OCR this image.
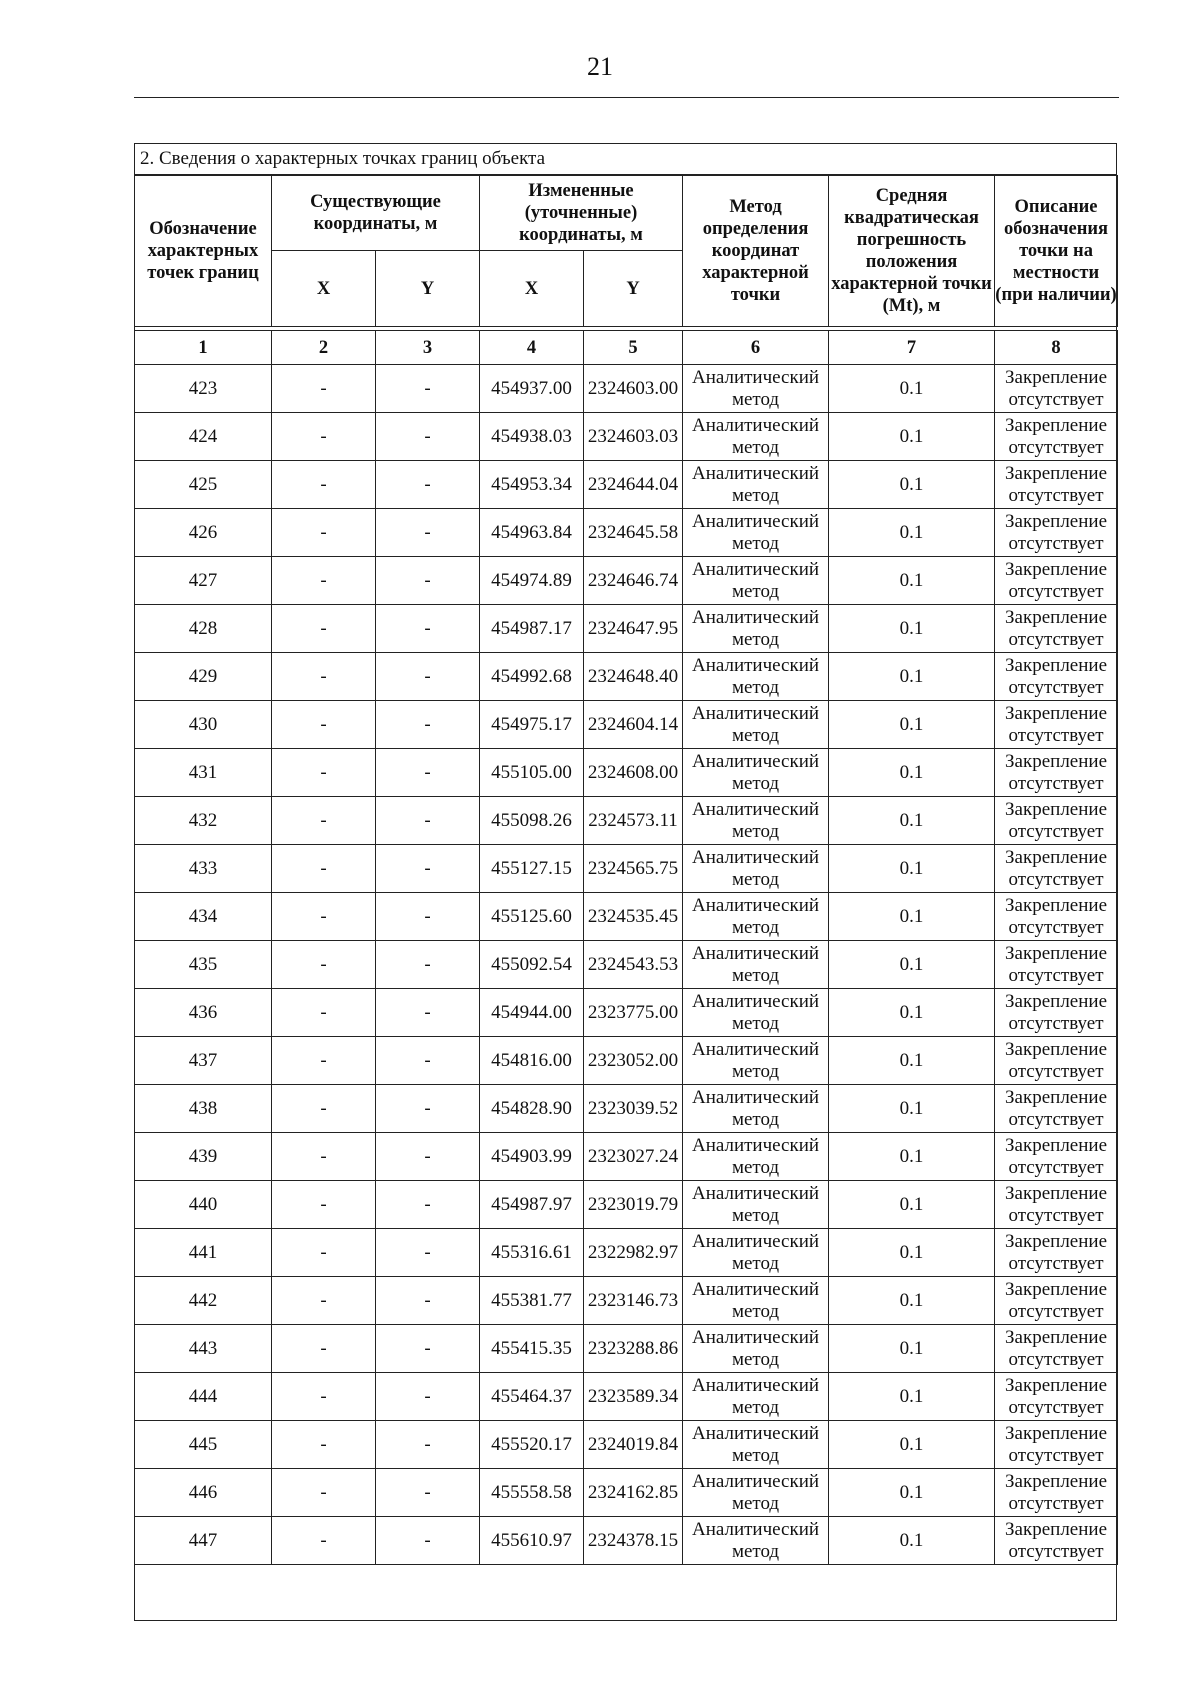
21
2. Сведения о характерных точках границ объекта
Обозначение характерных точек границ	Существующие координаты, м		Измененные (уточненные) координаты, м		Метод определения координат характерной точки	Средняя квадратическая погрешность положения характерной точки (Mt), м	Описание обозначения точки на местности (при наличии)
	X	Y	X	Y			

1	2	3	4	5	6	7	8
423	-	-	454937.00	2324603.00	Аналитический метод	0.1	Закрепление отсутствует
424	-	-	454938.03	2324603.03	Аналитический метод	0.1	Закрепление отсутствует
425	-	-	454953.34	2324644.04	Аналитический метод	0.1	Закрепление отсутствует
426	-	-	454963.84	2324645.58	Аналитический метод	0.1	Закрепление отсутствует
427	-	-	454974.89	2324646.74	Аналитический метод	0.1	Закрепление отсутствует
428	-	-	454987.17	2324647.95	Аналитический метод	0.1	Закрепление отсутствует
429	-	-	454992.68	2324648.40	Аналитический метод	0.1	Закрепление отсутствует
430	-	-	454975.17	2324604.14	Аналитический метод	0.1	Закрепление отсутствует
431	-	-	455105.00	2324608.00	Аналитический метод	0.1	Закрепление отсутствует
432	-	-	455098.26	2324573.11	Аналитический метод	0.1	Закрепление отсутствует
433	-	-	455127.15	2324565.75	Аналитический метод	0.1	Закрепление отсутствует
434	-	-	455125.60	2324535.45	Аналитический метод	0.1	Закрепление отсутствует
435	-	-	455092.54	2324543.53	Аналитический метод	0.1	Закрепление отсутствует
436	-	-	454944.00	2323775.00	Аналитический метод	0.1	Закрепление отсутствует
437	-	-	454816.00	2323052.00	Аналитический метод	0.1	Закрепление отсутствует
438	-	-	454828.90	2323039.52	Аналитический метод	0.1	Закрепление отсутствует
439	-	-	454903.99	2323027.24	Аналитический метод	0.1	Закрепление отсутствует
440	-	-	454987.97	2323019.79	Аналитический метод	0.1	Закрепление отсутствует
441	-	-	455316.61	2322982.97	Аналитический метод	0.1	Закрепление отсутствует
442	-	-	455381.77	2323146.73	Аналитический метод	0.1	Закрепление отсутствует
443	-	-	455415.35	2323288.86	Аналитический метод	0.1	Закрепление отсутствует
444	-	-	455464.37	2323589.34	Аналитический метод	0.1	Закрепление отсутствует
445	-	-	455520.17	2324019.84	Аналитический метод	0.1	Закрепление отсутствует
446	-	-	455558.58	2324162.85	Аналитический метод	0.1	Закрепление отсутствует
447	-	-	455610.97	2324378.15	Аналитический метод	0.1	Закрепление отсутствует
